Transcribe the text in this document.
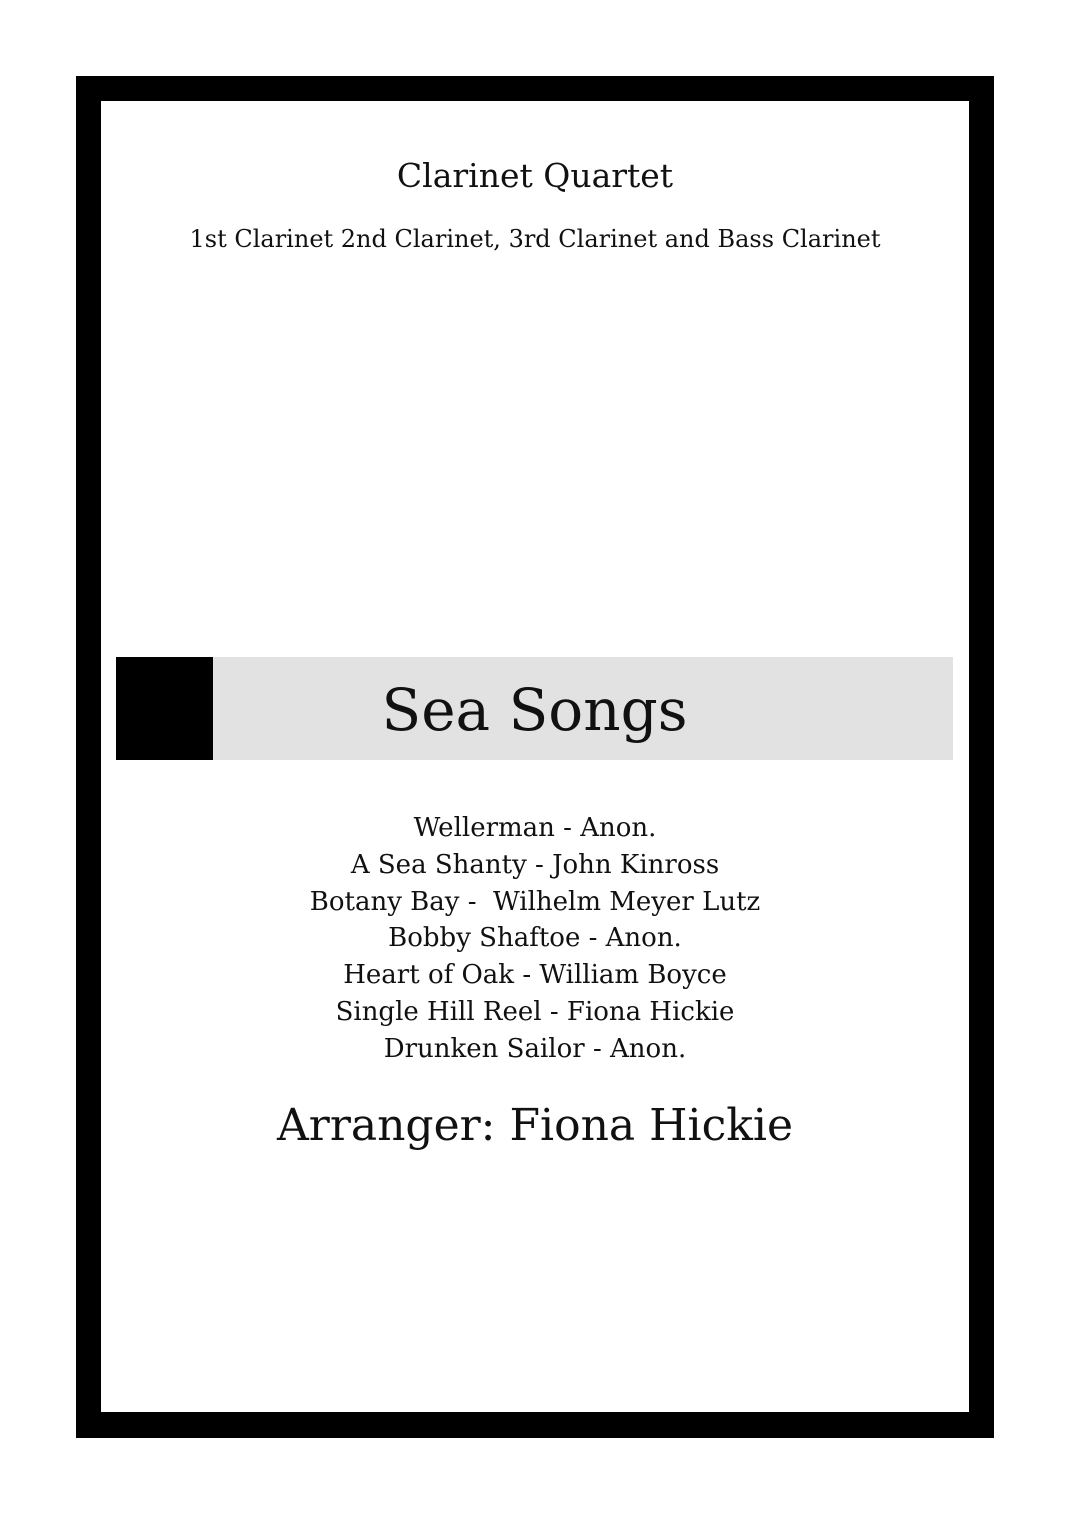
Clarinet Quartet
1st Clarinet 2nd Clarinet, 3rd Clarinet and Bass Clarinet
Sea Songs
Wellerman - Anon.
A Sea Shanty - John Kinross
Botany Bay -  Wilhelm Meyer Lutz
Bobby Shaftoe - Anon.
Heart of Oak - William Boyce
Single Hill Reel - Fiona Hickie
Drunken Sailor - Anon.
Arranger: Fiona Hickie
